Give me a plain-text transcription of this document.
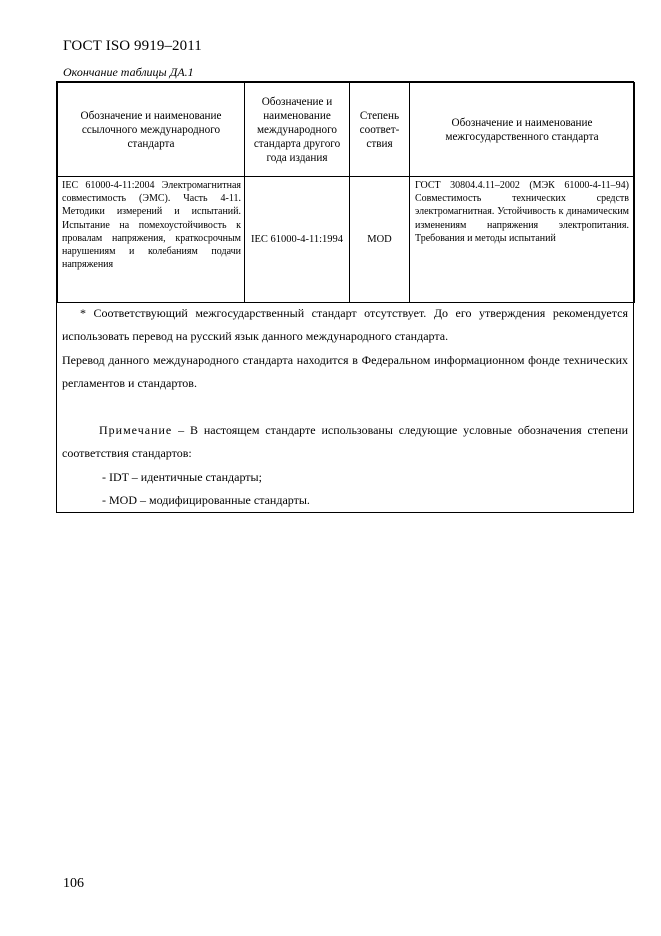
ГОСТ ISO 9919–2011
Окончание таблицы ДА.1
Обозначение и наименование ссылочного международного стандарта	Обозначение и наименование международного стандарта другого года издания	Степень соответ-ствия	Обозначение и наименование межгосударственного стандарта
IEC 61000-4-11:2004 Электромагнитная совместимость (ЭМС). Часть 4-11. Методики измерений и испытаний. Испытание на помехоустойчивость к провалам напряжения, краткосрочным нарушениям и колебаниям подачи напряжения	IEC 61000-4-11:1994	MOD	ГОСТ 30804.4.11–2002 (МЭК 61000-4-11–94) Совместимость технических средств электромагнитная. Устойчивость к динамическим изменениям напряжения электропитания. Требования и методы испытаний

* Соответствующий межгосударственный стандарт отсутствует. До его утверждения рекомендуется использовать перевод на русский язык данного международного стандарта.

Перевод данного международного стандарта находится в Федеральном информационном фонде технических регламентов и стандартов.

Примечание – В настоящем стандарте использованы следующие условные обозначения степени соответствия стандартов:

- IDT – идентичные стандарты;

- MOD – модифицированные стандарты.

106
